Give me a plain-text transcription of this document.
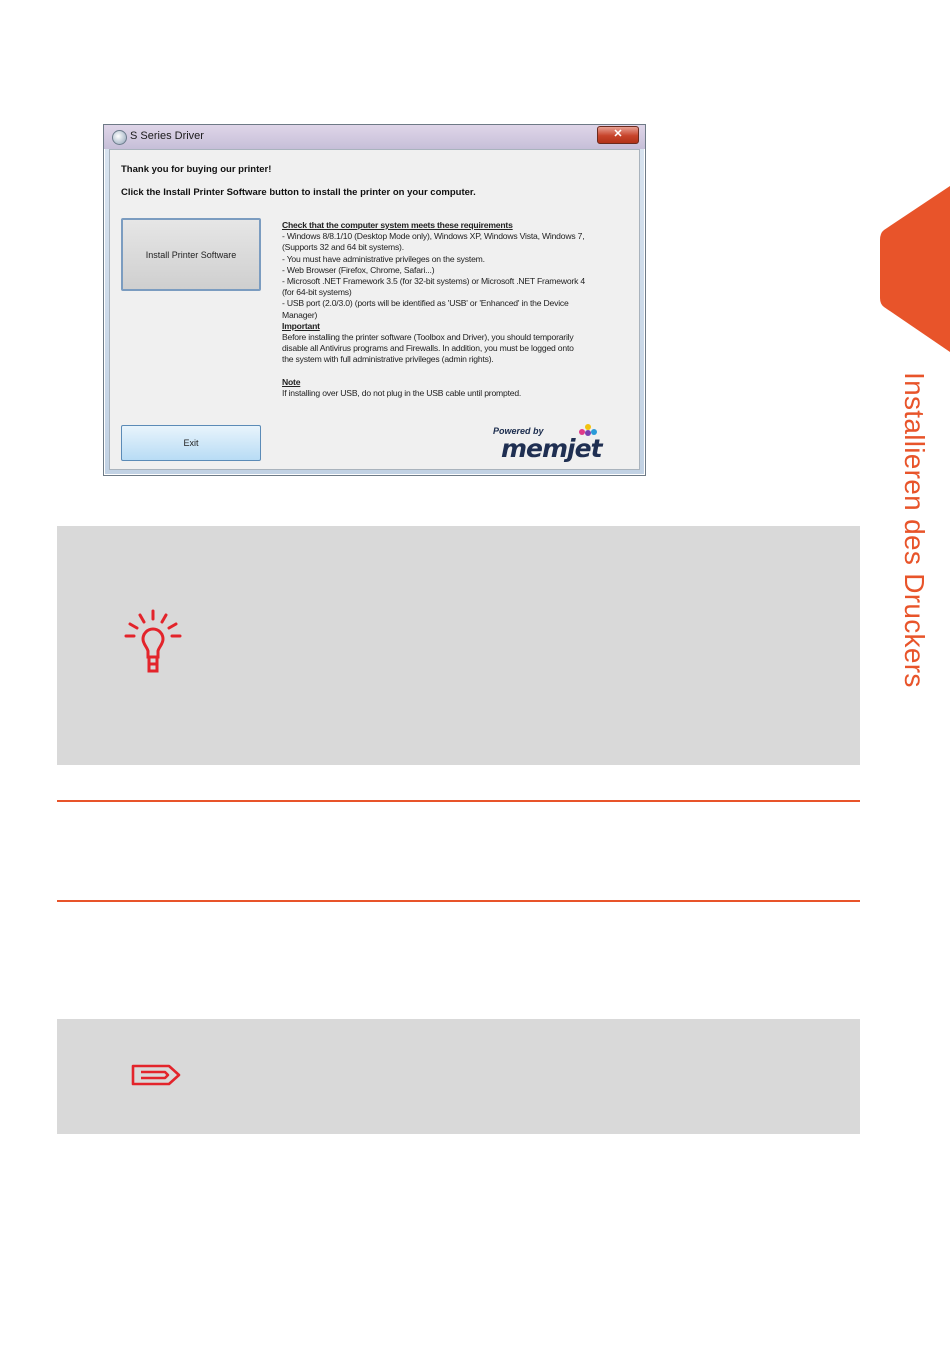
S Series Driver	✕
Thank you for buying our printer!
Click the Install Printer Software button to install the printer on your computer.
Install Printer Software
Check that the computer system meets these requirements
- Windows 8/8.1/10 (Desktop Mode only), Windows XP, Windows Vista, Windows 7,
(Supports 32 and 64 bit systems).
- You must have administrative privileges on the system.
- Web Browser (Firefox, Chrome, Safari...)
- Microsoft .NET Framework 3.5 (for 32-bit systems) or Microsoft .NET Framework 4
(for 64-bit systems)
- USB port (2.0/3.0) (ports will be identified as 'USB' or 'Enhanced' in the Device
Manager)
Important
Before installing the printer software (Toolbox and Driver), you should temporarily
disable all Antivirus programs and Firewalls. In addition, you must be logged onto
the system with full administrative privileges (admin rights).
Note
If installing over USB, do not plug in the USB cable until prompted.
Exit
Powered by
memjet	Installieren des Druckers
